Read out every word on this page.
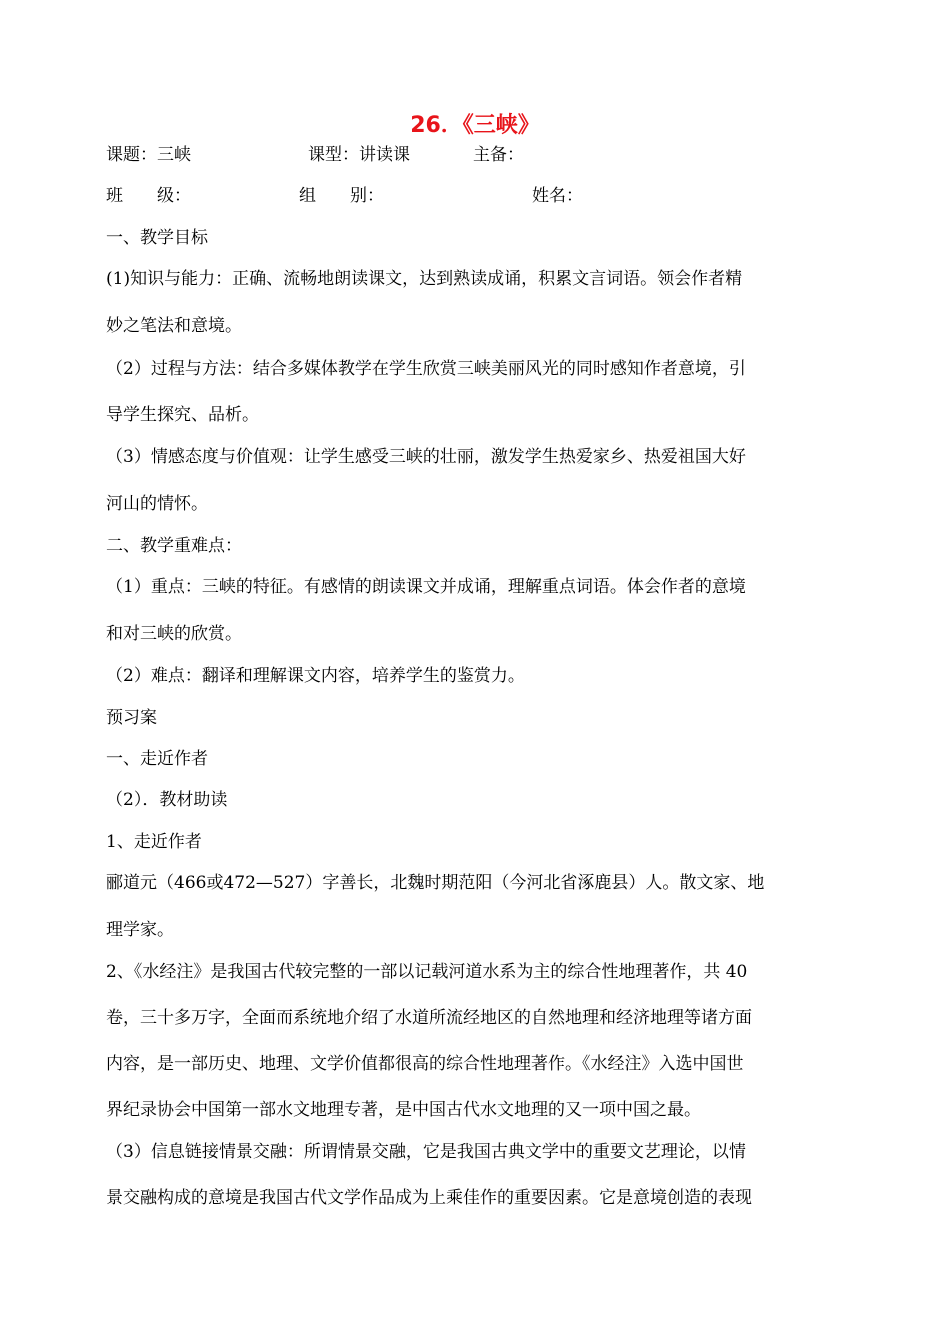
26．《三峡》
课题：三峡	课型：讲读课	主备：
班　　级：	组　　别：	姓名：
一、教学目标
(1)知识与能力：正确、流畅地朗读课文，达到熟读成诵，积累文言词语。领会作者精
妙之笔法和意境。
（2）过程与方法：结合多媒体教学在学生欣赏三峡美丽风光的同时感知作者意境，引
导学生探究、品析。
（3）情感态度与价值观：让学生感受三峡的壮丽，激发学生热爱家乡、热爱祖国大好
河山的情怀。
二、教学重难点：
（1）重点：三峡的特征。有感情的朗读课文并成诵，理解重点词语。体会作者的意境
和对三峡的欣赏。
（2）难点：翻译和理解课文内容，培养学生的鉴赏力。
预习案
一、走近作者
（2）．教材助读
1、走近作者
郦道元（466或472—527）字善长，北魏时期范阳（今河北省涿鹿县）人。散文家、地
理学家。
2、《水经注》是我国古代较完整的一部以记载河道水系为主的综合性地理著作，共 40
卷，三十多万字，全面而系统地介绍了水道所流经地区的自然地理和经济地理等诸方面
内容，是一部历史、地理、文学价值都很高的综合性地理著作。《水经注》入选中国世
界纪录协会中国第一部水文地理专著，是中国古代水文地理的又一项中国之最。
（3）信息链接情景交融：所谓情景交融，它是我国古典文学中的重要文艺理论，以情
景交融构成的意境是我国古代文学作品成为上乘佳作的重要因素。它是意境创造的表现
